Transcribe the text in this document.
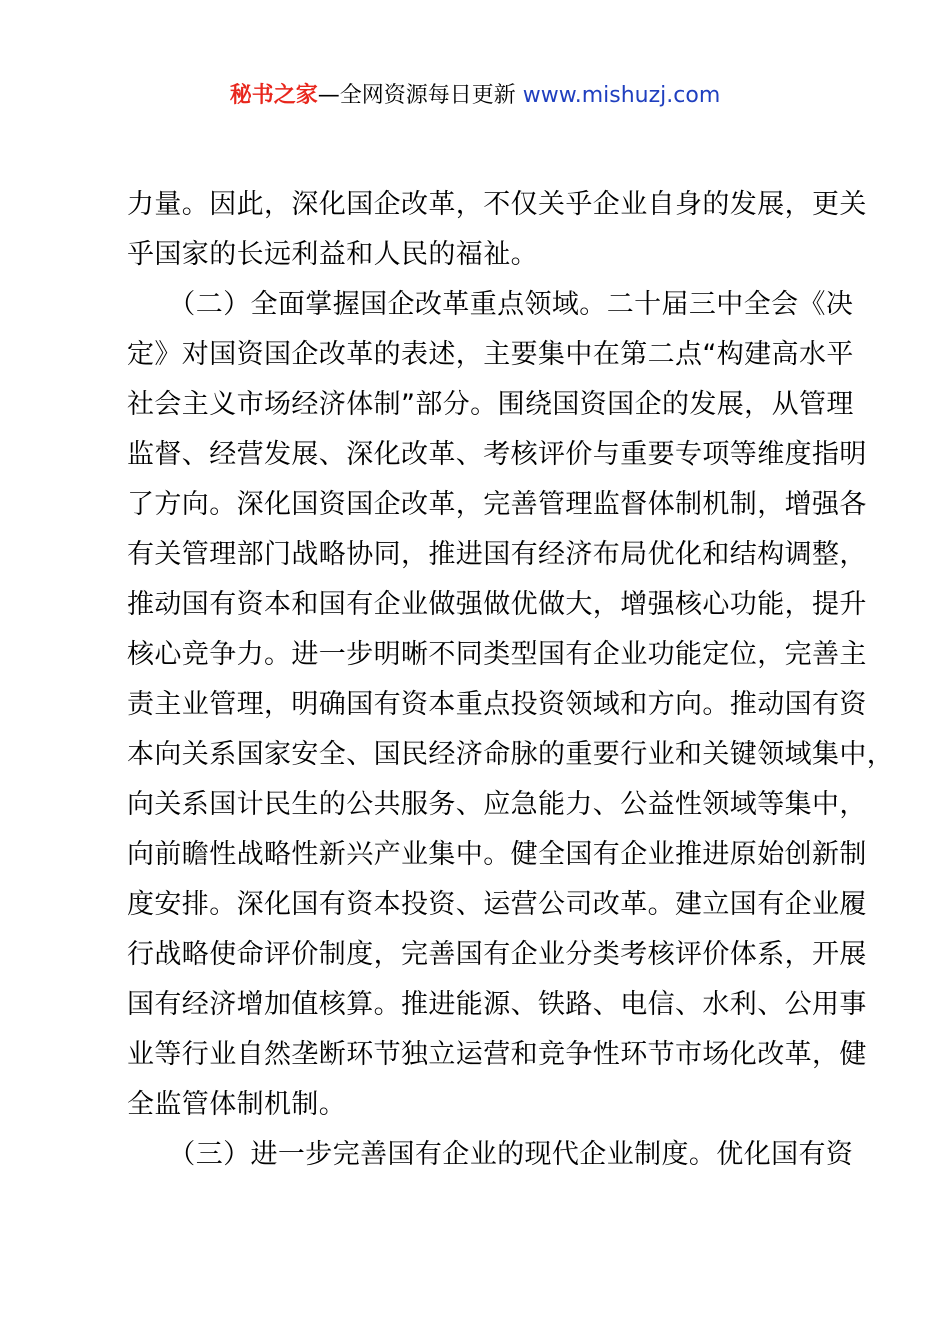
秘书之家—全网资源每日更新 www.mishuzj.com
力量。因此，深化国企改革，不仅关乎企业自身的发展，更关
乎国家的长远利益和人民的福祉。
　　（二）全面掌握国企改革重点领域。二十届三中全会《决
定》对国资国企改革的表述，主要集中在第二点“构建高水平
社会主义市场经济体制”部分。围绕国资国企的发展，从管理
监督、经营发展、深化改革、考核评价与重要专项等维度指明
了方向。深化国资国企改革，完善管理监督体制机制，增强各
有关管理部门战略协同，推进国有经济布局优化和结构调整，
推动国有资本和国有企业做强做优做大，增强核心功能，提升
核心竞争力。进一步明晰不同类型国有企业功能定位，完善主
责主业管理，明确国有资本重点投资领域和方向。推动国有资
本向关系国家安全、国民经济命脉的重要行业和关键领域集中，
向关系国计民生的公共服务、应急能力、公益性领域等集中，
向前瞻性战略性新兴产业集中。健全国有企业推进原始创新制
度安排。深化国有资本投资、运营公司改革。建立国有企业履
行战略使命评价制度，完善国有企业分类考核评价体系，开展
国有经济增加值核算。推进能源、铁路、电信、水利、公用事
业等行业自然垄断环节独立运营和竞争性环节市场化改革，健
全监管体制机制。
　　（三）进一步完善国有企业的现代企业制度。优化国有资
